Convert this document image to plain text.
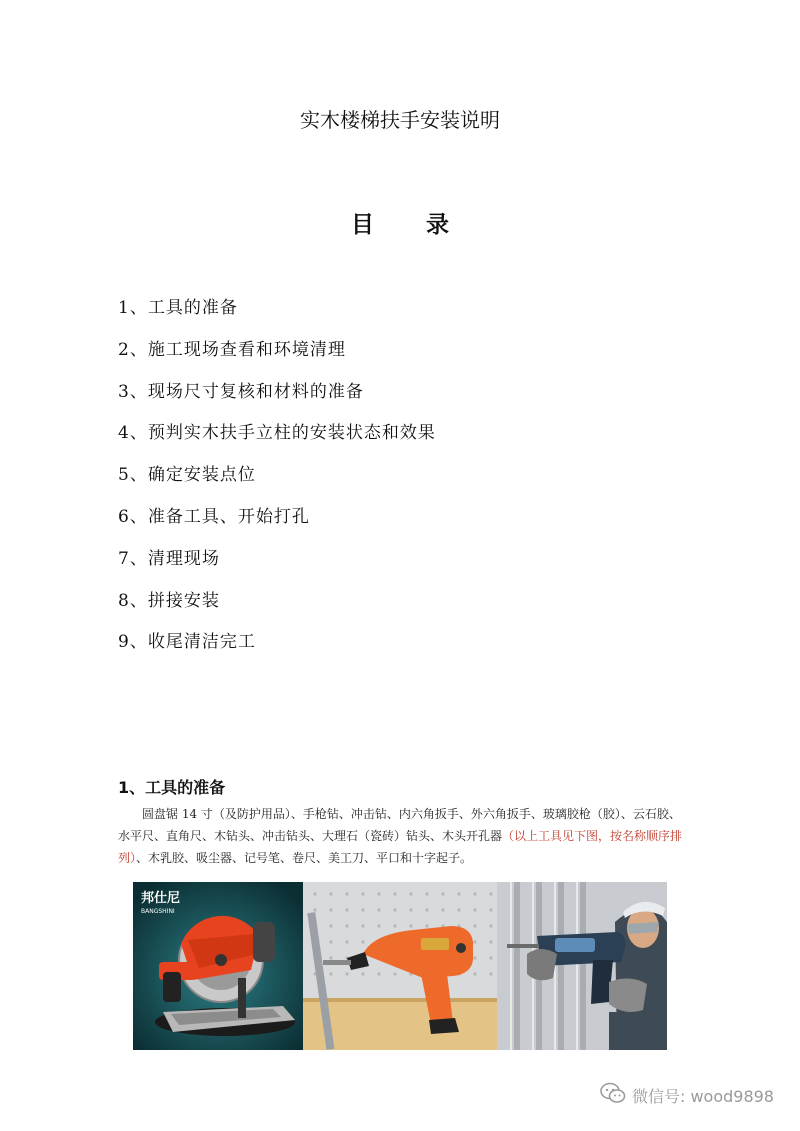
实木楼梯扶手安装说明
目 录
1、工具的准备
2、施工现场查看和环境清理
3、现场尺寸复核和材料的准备
4、预判实木扶手立柱的安装状态和效果
5、确定安装点位
6、准备工具、开始打孔
7、清理现场
8、拼接安装
9、收尾清洁完工
1、工具的准备
圆盘锯 14 寸（及防护用品）、手枪钻、冲击钻、内六角扳手、外六角扳手、玻璃胶枪（胶）、云石胶、水平尺、直角尺、木钻头、冲击钻头、大理石（瓷砖）钻头、木头开孔器（以上工具见下图，按名称顺序排列）、木乳胶、吸尘器、记号笔、卷尺、美工刀、平口和十字起子。
邦仕尼
BANGSHINI
微信号: wood9898
